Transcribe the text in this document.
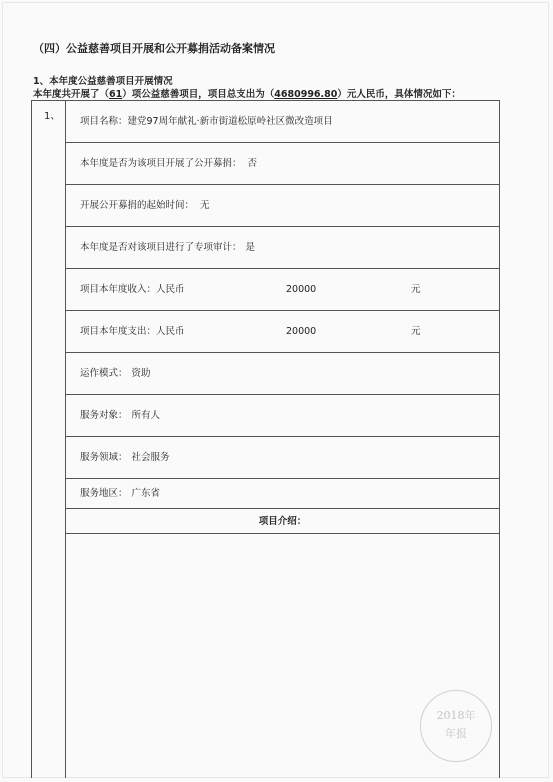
（四）公益慈善项目开展和公开募捐活动备案情况
1、本年度公益慈善项目开展情况
本年度共开展了（61）项公益慈善项目，项目总支出为（4680996.80）元人民币，具体情况如下：
1、	项目名称：建党97周年献礼·新市街道松原岭社区微改造项目
本年度是否为该项目开展了公开募捐： 否
开展公开募捐的起始时间： 无
本年度是否对该项目进行了专项审计： 是
项目本年度收入：人民币	20000	元
项目本年度支出：人民币	20000	元
运作模式： 资助
服务对象： 所有人
服务领域： 社会服务
服务地区： 广东省
项目介绍：
2018年
年报
